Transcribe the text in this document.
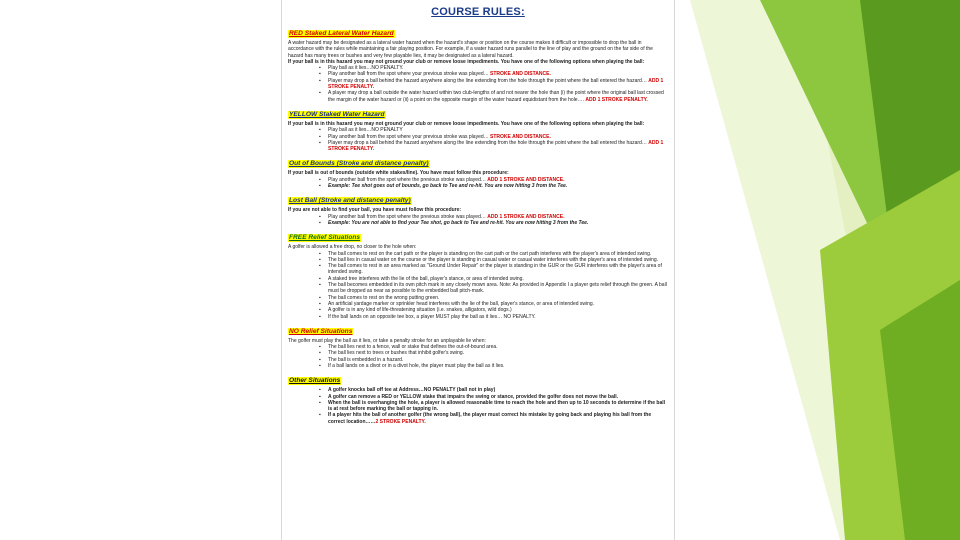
COURSE RULES:
RED Staked Lateral Water Hazard

A water hazard may be designated as a lateral water hazard when the hazard's shape or position on the course makes it difficult or impossible to drop the ball in accordance with the rules while maintaining a fair playing position. For example, if a water hazard runs parallel to the line of play and the ground on the far side of the hazard has many trees or bushes and very few playable lies, it may be designated as a lateral hazard.

If your ball is in this hazard you may not ground your club or remove loose impediments. You have one of the following options when playing the ball:

▪ Play ball as it lies…NO PENALTY.
▪ Play another ball from the spot where your previous stroke was played… STROKE AND DISTANCE.
▪ Player may drop a ball behind the hazard anywhere along the line extending from the hole through the point where the ball entered the hazard… ADD 1 STROKE PENALTY.
▪ A player may drop a ball outside the water hazard within two club-lengths of and not nearer the hole than (i) the point where the original ball last crossed the margin of the water hazard or (ii) a point on the opposite margin of the water hazard equidistant from the hole…. ADD 1 STROKE PENALTY.
YELLOW Staked Water Hazard

If your ball is in this hazard you may not ground your club or remove loose impediments. You have one of the following options when playing the ball:

▪ Play ball as it lies…NO PENALTY
▪ Play another ball from the spot where your previous stroke was played… STROKE AND DISTANCE.
▪ Player may drop a ball behind the hazard anywhere along the line extending from the hole through the point where the ball entered the hazard… ADD 1 STROKE PENALTY.
Out of Bounds (Stroke and distance penalty)

If your ball is out of bounds (outside white stakes/line). You have must follow this procedure:

▪ Play another ball from the spot where the previous stroke was played… ADD 1 STROKE AND DISTANCE.
▪ Example: Tee shot goes out of bounds, go back to Tee and re-hit. You are now hitting 3 from the Tee.
Lost Ball (Stroke and distance penalty)

If you are not able to find your ball, you have must follow this procedure:

▪ Play another ball from the spot where the previous stroke was played… ADD 1 STROKE AND DISTANCE.
▪ Example: You are not able to find your Tee shot, go back to Tee and re-hit. You are now hitting 3 from the Tee.
FREE Relief Situations

A golfer is allowed a free drop, no closer to the hole when:

▪ The ball comes to rest on the cart path or the player is standing on the cart path or the cart path interferes with the player's area of intended swing.
▪ The ball lies in casual water on the course or the player is standing in casual water or casual water interferes with the player's area of intended swing.
▪ The ball comes to rest in an area marked as "Ground Under Repair" or the player is standing in the GUR or the GUR interferes with the player's area of intended swing.
▪ A staked tree interferes with the lie of the ball, player's stance, or area of intended swing.
▪ The ball becomes embedded in its own pitch mark in any closely mown area. Note: As provided in Appendix I a player gets relief through the green. A ball must be dropped as near as possible to the embedded ball pitch-mark.
▪ The ball comes to rest on the wrong putting green.
▪ An artificial yardage marker or sprinkler head interferes with the lie of the ball, player's stance, or area of intended swing.
▪ A golfer is in any kind of life-threatening situation (i.e. snakes, alligators, wild dogs.)
▪ If the ball lands on an opposite tee box, a player MUST play the ball as it lies… NO PENALTY.
NO Relief Situations

The golfer must play the ball as it lies, or take a penalty stroke for an unplayable lie when:

▪ The ball lies next to a fence, wall or stake that defines the out-of-bound area.
▪ The ball lies next to trees or bushes that inhibit golfer's swing.
▪ The ball is embedded in a hazard.
▪ If a ball lands on a divot or in a divot hole, the player must play the ball as it lies.
Other Situations
▪ A golfer knocks ball off tee at Address…NO PENALTY (ball not in play)
▪ A golfer can remove a RED or YELLOW stake that impairs the swing or stance, provided the golfer does not move the ball.
▪ When the ball is overhanging the hole, a player is allowed reasonable time to reach the hole and then up to 10 seconds to determine if the ball is at rest before marking the ball or tapping in.
▪ If a player hits the ball of another golfer (the wrong ball), the player must correct his mistake by going back and playing his ball from the correct location……2 STROKE PENALTY.
